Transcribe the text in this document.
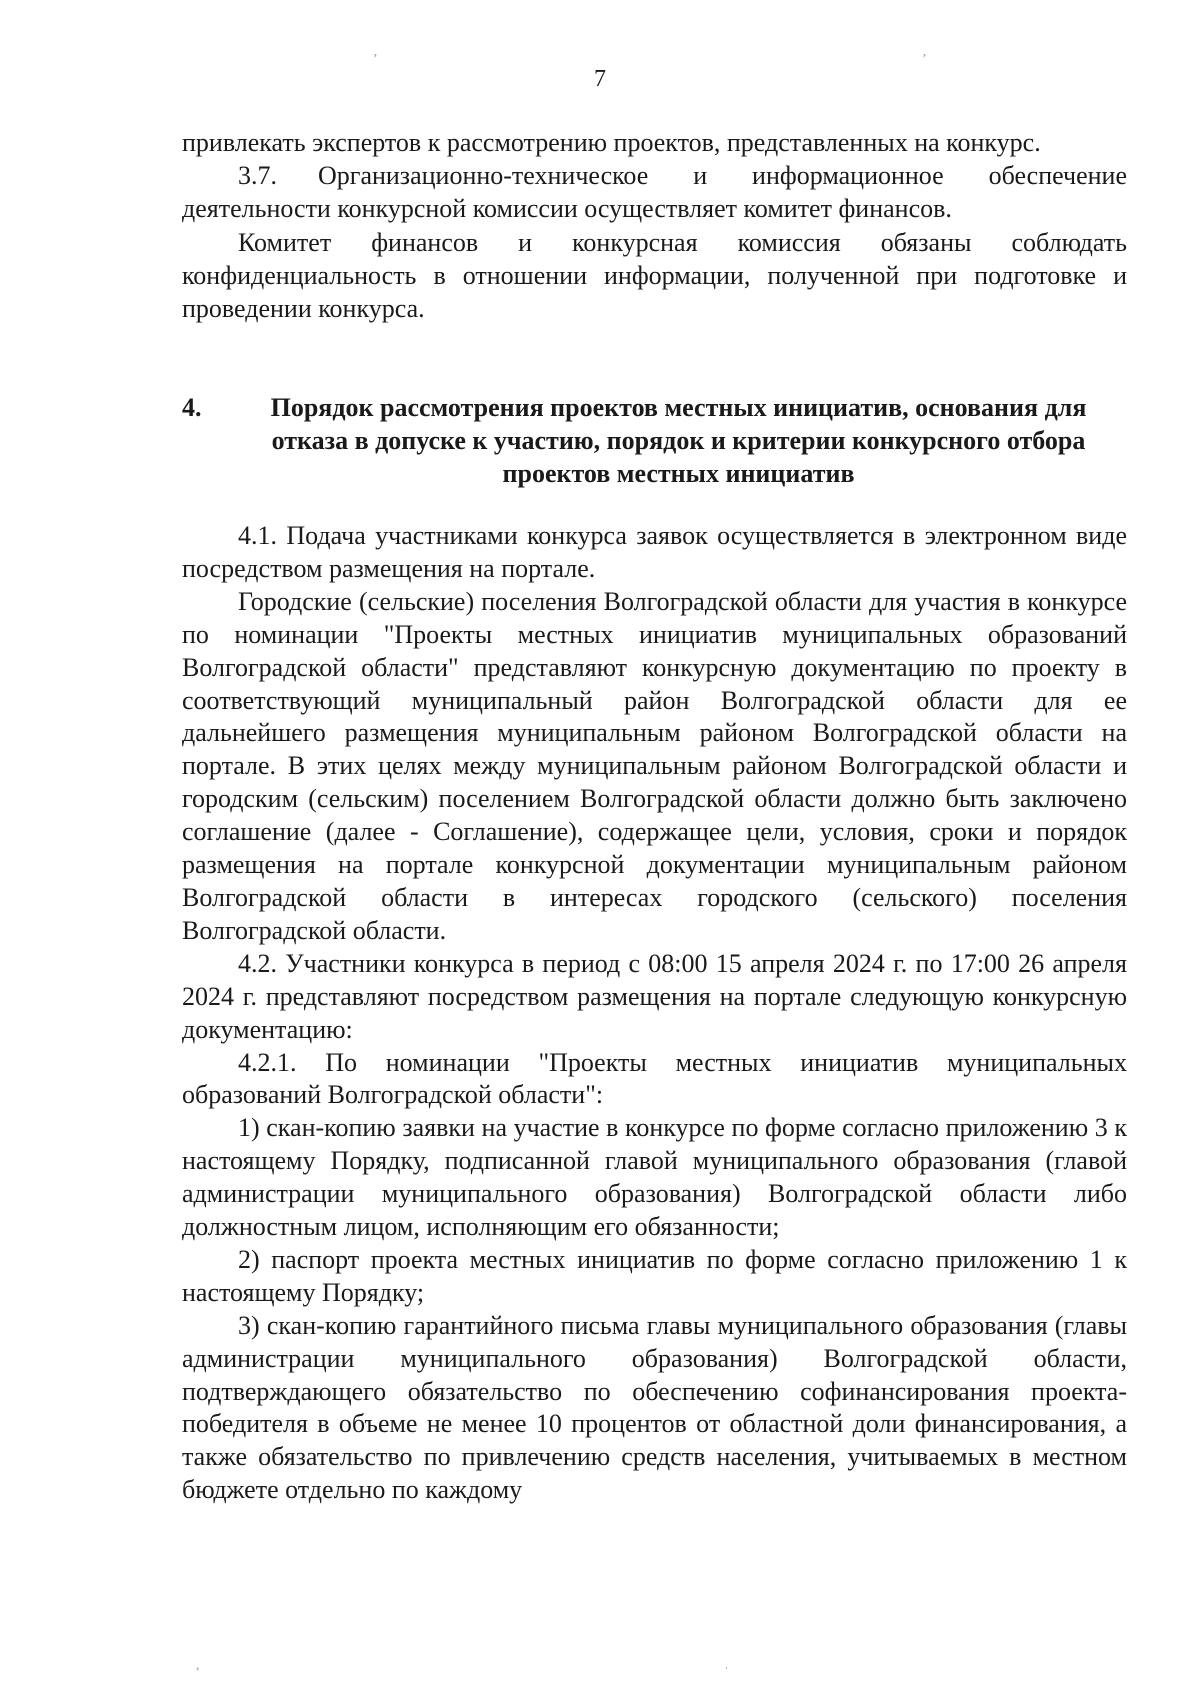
ʼ	ʼ
,	ˌ
7

привлекать экспертов к рассмотрению проектов, представленных на конкурс.

3.7. Организационно-техническое и информационное обеспечение деятельности конкурсной комиссии осуществляет комитет финансов.

Комитет финансов и конкурсная комиссия обязаны соблюдать конфиденциальность в отношении информации, полученной при подготовке и проведении конкурса.

4.	Порядок рассмотрения проектов местных инициатив, основания для отказа в допуске к участию, порядок и критерии конкурсного отбора проектов местных инициатив

4.1. Подача участниками конкурса заявок осуществляется в электронном виде посредством размещения на портале.

Городские (сельские) поселения Волгоградской области для участия в конкурсе по номинации "Проекты местных инициатив муниципальных образований Волгоградской области" представляют конкурсную документацию по проекту в соответствующий муниципальный район Волгоградской области для ее дальнейшего размещения муниципальным районом Волгоградской области на портале. В этих целях между муниципальным районом Волгоградской области и городским (сельским) поселением Волгоградской области должно быть заключено соглашение (далее - Соглашение), содержащее цели, условия, сроки и порядок размещения на портале конкурсной документации муниципальным районом Волгоградской области в интересах городского (сельского) поселения Волгоградской области.

4.2. Участники конкурса в период с 08:00 15 апреля 2024 г. по 17:00 26 апреля 2024 г. представляют посредством размещения на портале следующую конкурсную документацию:

4.2.1. По номинации "Проекты местных инициатив муниципальных образований Волгоградской области":

1) скан-копию заявки на участие в конкурсе по форме согласно приложению 3 к настоящему Порядку, подписанной главой муниципального образования (главой администрации муниципального образования) Волгоградской области либо должностным лицом, исполняющим его обязанности;

2) паспорт проекта местных инициатив по форме согласно приложению 1 к настоящему Порядку;

3) скан-копию гарантийного письма главы муниципального образования (главы администрации муниципального образования) Волгоградской области, подтверждающего обязательство по обеспечению софинансирования проекта-победителя в объеме не менее 10 процентов от областной доли финансирования, а также обязательство по привлечению средств населения, учитываемых в местном бюджете отдельно по каждому
